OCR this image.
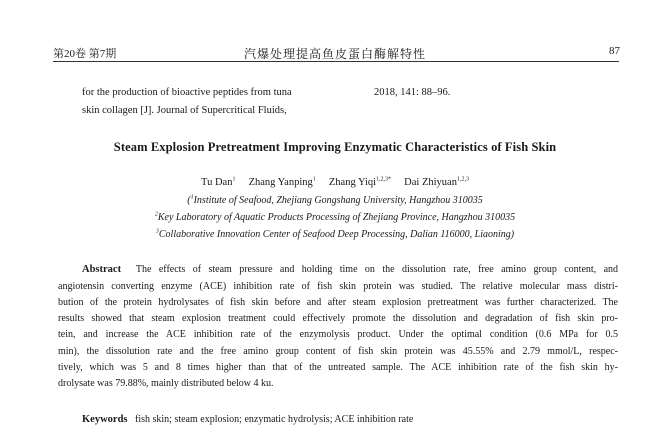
第20卷 第7期	汽爆处理提高鱼皮蛋白酶解特性	87
for the production of bioactive peptides from tuna
skin collagen [J]. Journal of Supercritical Fluids,
2018, 141: 88–96.
Steam Explosion Pretreatment Improving Enzymatic Characteristics of Fish Skin
Tu Dan$^1$ Zhang Yanping$^1$ Zhang Yiqi$^{1,2,3*}$ Dai Zhiyuan$^{1,2,3}$
($^1$Institute of Seafood, Zhejiang Gongshang University, Hangzhou 310035
$^2$Key Laboratory of Aquatic Products Processing of Zhejiang Province, Hangzhou 310035
$^3$Collaborative Innovation Center of Seafood Deep Processing, Dalian 116000, Liaoning)
Abstract The effects of steam pressure and holding time on the dissolution rate, free amino group content, and
angiotensin converting enzyme (ACE) inhibition rate of fish skin protein was studied. The relative molecular mass distri-
bution of the protein hydrolysates of fish skin before and after steam explosion pretreatment was further characterized. The
results showed that steam explosion treatment could effectively promote the dissolution and degradation of fish skin pro-
tein, and increase the ACE inhibition rate of the enzymolysis product. Under the optimal condition (0.6 MPa for 0.5
min), the dissolution rate and the free amino group content of fish skin protein was 45.55% and 2.79 mmol/L, respec-
tively, which was 5 and 8 times higher than that of the untreated sample. The ACE inhibition rate of the fish skin hy-
drolysate was 79.88%, mainly distributed below 4 ku.
Keywords fish skin; steam explosion; enzymatic hydrolysis; ACE inhibition rate
